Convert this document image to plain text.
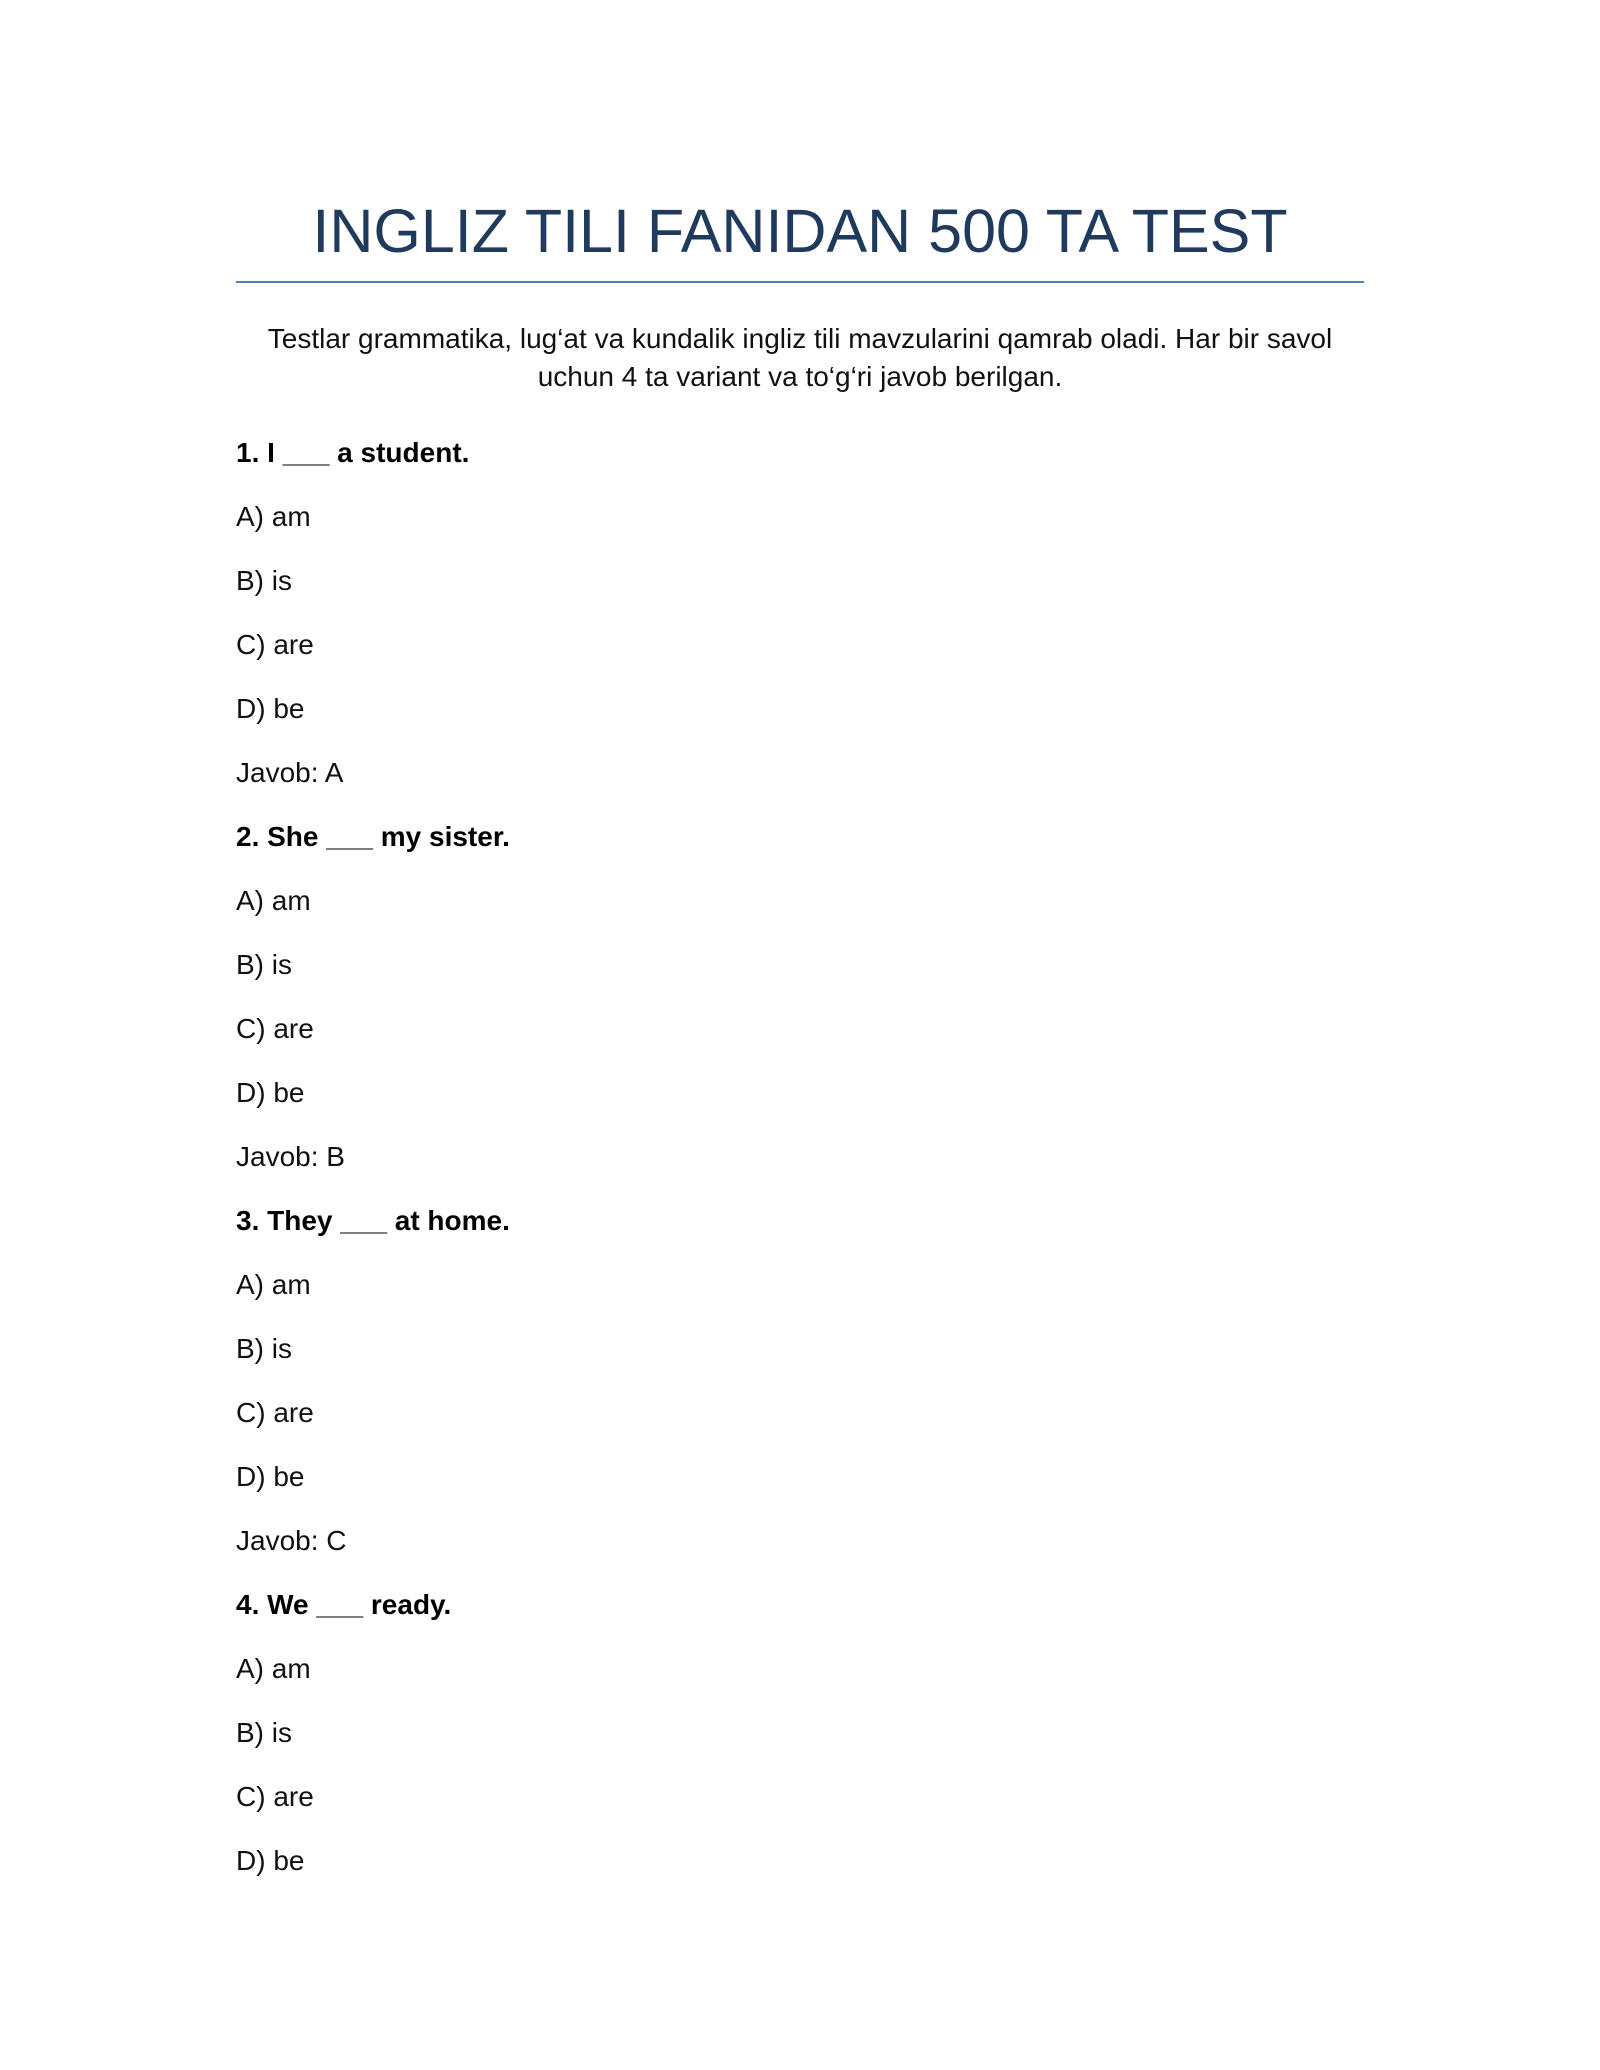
INGLIZ TILI FANIDAN 500 TA TEST

Testlar grammatika, lug‘at va kundalik ingliz tili mavzularini qamrab oladi. Har bir savol uchun 4 ta variant va to‘g‘ri javob berilgan.

1. I ___ a student.
A) am
B) is
C) are
D) be
Javob: A
2. She ___ my sister.
A) am
B) is
C) are
D) be
Javob: B
3. They ___ at home.
A) am
B) is
C) are
D) be
Javob: C
4. We ___ ready.
A) am
B) is
C) are
D) be
